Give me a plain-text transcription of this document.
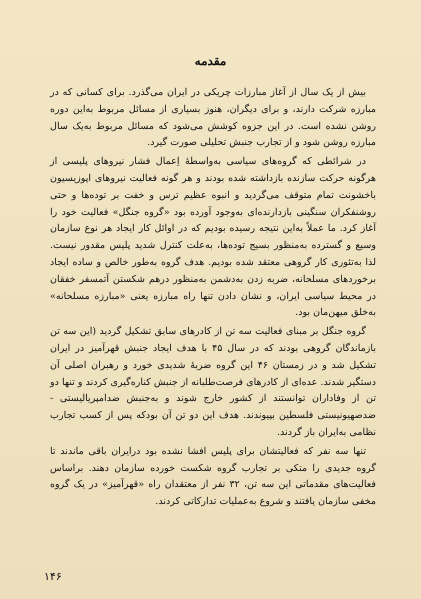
مقدمه

بیش از یک سال از آغاز مبارزات چریکی در ایران می‌گذرد. برای کسانی که در مبارزه شرکت دارند، و برای دیگران، هنوز بسیاری از مسائل مربوط به‌این دوره روشن نشده است. در این جزوه کوشش می‌شود که مسائل مربوط به‌یک سال مبارزه روشن شود و از تجارب جنبش تحلیلی صورت گیرد.

در شرائطی که گروه‌های سیاسی به‌واسطهٔ اِعمال فشار نیروهای پلیسی از هرگونه حرکت سازنده بازداشته شده بودند و هر گونه فعالیت نیروهای اپوزیسیون باخشونت تمام متوقف می‌گردید و انبوه عظیم ترس و خفت بر توده‌ها و حتی روشنفکران سنگینی بازدارنده‌ای به‌وجود آورده بود «گروه جنگل» فعالیت خود را آغاز کرد. ما عملاً به‌این نتیجه رسیده بودیم که در اوائل کار ایجاد هر نوع سازمان وسیع و گسترده به‌منظور بسیج توده‌ها، به‌علت کنترل شدید پلیس مقدور نیست. لذا به‌تئوری کار گروهی معتقد شده بودیم. هدف گروه به‌طور خالص و ساده ایجاد برخوردهای مسلحانه، ضربه زدن به‌دشمن به‌منظور درهم شکستن آتمسفر خفقان در محیط سیاسی ایران، و نشان دادن تنها راه مبارزه یعنی «مبارزه مسلحانه» به‌خلق میهن‌مان بود.

گروه جنگل بر مبنای فعالیت سه تن از کادرهای سابق تشکیل گردید (این سه تن بازماندگان گروهی بودند که در سال ۴۵ با هدف ایجاد جنبش قهرآمیز در ایران تشکیل شد و در زمستان ۴۶ این گروه ضربهٔ شدیدی خورد و رهبران اصلی آن دستگیر شدند. عده‌ای از کادرهای فرصت‌طلبانه از جنبش کناره‌گیری کردند و تنها دو تن از وفاداران توانستند از کشور خارج شوند و به‌جنبش ضدامپریالیستی - ضدصهیونیستی فلسطین بپیوندند. هدف این دو تن آن بودکه پس از کسب تجارب نظامی به‌ایران باز گردند.

تنها سه نفر که فعالیتشان برای پلیس افشا نشده بود درایران باقی ماندند تا گروه جدیدی را متکی بر تجارب گروه شکست خورده سازمان دهند. براساس فعالیت‌های مقدماتی این سه تن، ۳۲ نفر از معتقدان راه «قهرآمیز» در یک گروه مخفی سازمان یافتند و شروع به‌عملیات تدارکاتی کردند.

۱۴۶
